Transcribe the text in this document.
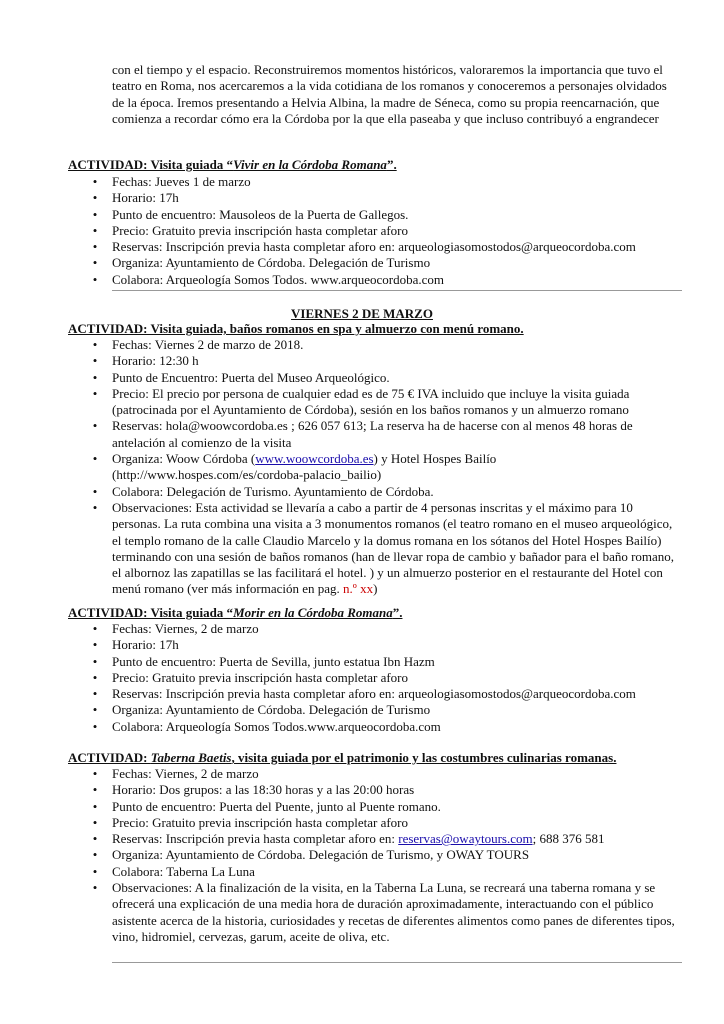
con el tiempo y el espacio. Reconstruiremos momentos históricos, valoraremos la importancia que tuvo el teatro en Roma, nos acercaremos a la vida cotidiana de los romanos y conoceremos a personajes olvidados de la época. Iremos presentando a Helvia Albina, la madre de Séneca, como su propia reencarnación, que comienza a recordar cómo era la Córdoba por la que ella paseaba y que incluso contribuyó a engrandecer

ACTIVIDAD: Visita guiada “Vivir en la Córdoba Romana”.
• Fechas: Jueves 1 de marzo
• Horario: 17h
• Punto de encuentro: Mausoleos de la Puerta de Gallegos.
• Precio: Gratuito previa inscripción hasta completar aforo
• Reservas: Inscripción previa hasta completar aforo en: arqueologiasomostodos@arqueocordoba.com
• Organiza: Ayuntamiento de Córdoba. Delegación de Turismo
• Colabora: Arqueología Somos Todos. www.arqueocordoba.com
VIERNES 2 DE MARZO
ACTIVIDAD: Visita guiada, baños romanos en spa y almuerzo con menú romano.
• Fechas: Viernes 2 de marzo de 2018.
• Horario: 12:30 h
• Punto de Encuentro: Puerta del Museo Arqueológico.
• Precio: El precio por persona de cualquier edad es de 75 € IVA incluido que incluye la visita guiada (patrocinada por el Ayuntamiento de Córdoba), sesión en los baños romanos y un almuerzo romano
• Reservas: hola@woowcordoba.es ; 626 057 613; La reserva ha de hacerse con al menos 48 horas de antelación al comienzo de la visita
• Organiza: Woow Córdoba (www.woowcordoba.es) y Hotel Hospes Bailío (http://www.hospes.com/es/cordoba-palacio_bailio)
• Colabora: Delegación de Turismo. Ayuntamiento de Córdoba.
• Observaciones: Esta actividad se llevaría a cabo a partir de 4 personas inscritas y el máximo para 10 personas. La ruta combina una visita a 3 monumentos romanos (el teatro romano en el museo arqueológico, el templo romano de la calle Claudio Marcelo y la domus romana en los sótanos del Hotel Hospes Bailío) terminando con una sesión de baños romanos (han de llevar ropa de cambio y bañador para el baño romano, el albornoz las zapatillas se las facilitará el hotel. ) y un almuerzo posterior en el restaurante del Hotel con menú romano (ver más información en pag. n.º xx)
ACTIVIDAD: Visita guiada “Morir en la Córdoba Romana”.
• Fechas: Viernes, 2 de marzo
• Horario: 17h
• Punto de encuentro: Puerta de Sevilla, junto estatua Ibn Hazm
• Precio: Gratuito previa inscripción hasta completar aforo
• Reservas: Inscripción previa hasta completar aforo en: arqueologiasomostodos@arqueocordoba.com
• Organiza: Ayuntamiento de Córdoba. Delegación de Turismo
• Colabora: Arqueología Somos Todos.www.arqueocordoba.com
ACTIVIDAD: Taberna Baetis, visita guiada por el patrimonio y las costumbres culinarias romanas.
• Fechas: Viernes, 2 de marzo
• Horario: Dos grupos: a las 18:30 horas y a las 20:00 horas
• Punto de encuentro: Puerta del Puente, junto al Puente romano.
• Precio: Gratuito previa inscripción hasta completar aforo
• Reservas: Inscripción previa hasta completar aforo en: reservas@owaytours.com; 688 376 581
• Organiza: Ayuntamiento de Córdoba. Delegación de Turismo, y OWAY TOURS
• Colabora: Taberna La Luna
• Observaciones: A la finalización de la visita, en la Taberna La Luna, se recreará una taberna romana y se ofrecerá una explicación de una media hora de duración aproximadamente, interactuando con el público asistente acerca de la historia, curiosidades y recetas de diferentes alimentos como panes de diferentes tipos, vino, hidromiel, cervezas, garum, aceite de oliva, etc.
